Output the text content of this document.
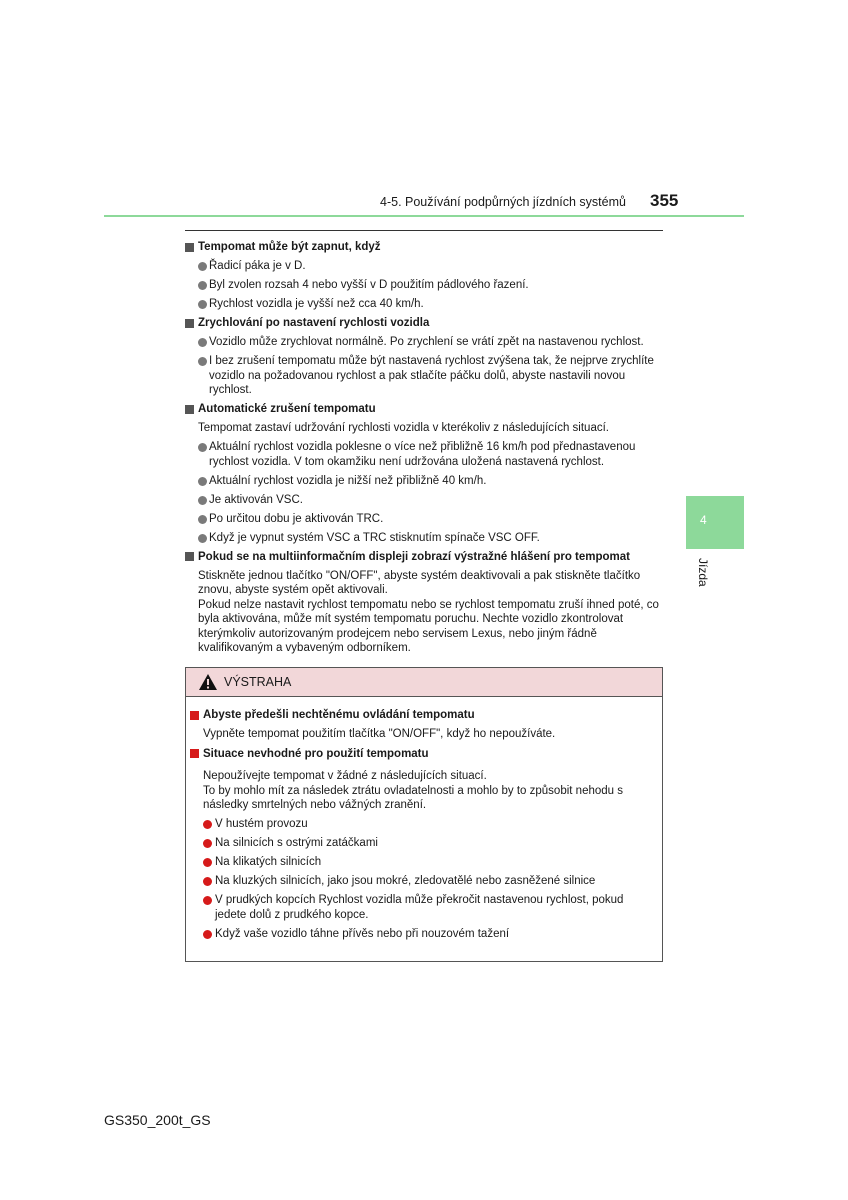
4-5. Používání podpůrných jízdních systémů 355
4
Jízda
Tempomat může být zapnut, když
Řadicí páka je v D.
Byl zvolen rozsah 4 nebo vyšší v D použitím pádlového řazení.
Rychlost vozidla je vyšší než cca 40 km/h.
Zrychlování po nastavení rychlosti vozidla
Vozidlo může zrychlovat normálně. Po zrychlení se vrátí zpět na nastavenou rychlost.
I bez zrušení tempomatu může být nastavená rychlost zvýšena tak, že nejprve zrychlíte vozidlo na požadovanou rychlost a pak stlačíte páčku dolů, abyste nastavili novou rychlost.
Automatické zrušení tempomatu
Tempomat zastaví udržování rychlosti vozidla v kterékoliv z následujících situací.
Aktuální rychlost vozidla poklesne o více než přibližně 16 km/h pod přednastavenou rychlost vozidla. V tom okamžiku není udržována uložená nastavená rychlost.
Aktuální rychlost vozidla je nižší než přibližně 40 km/h.
Je aktivován VSC.
Po určitou dobu je aktivován TRC.
Když je vypnut systém VSC a TRC stisknutím spínače VSC OFF.
Pokud se na multiinformačním displeji zobrazí výstražné hlášení pro tempomat
Stiskněte jednou tlačítko "ON/OFF", abyste systém deaktivovali a pak stiskněte tlačítko znovu, abyste systém opět aktivovali.
Pokud nelze nastavit rychlost tempomatu nebo se rychlost tempomatu zruší ihned poté, co byla aktivována, může mít systém tempomatu poruchu. Nechte vozidlo zkontrolovat kterýmkoliv autorizovaným prodejcem nebo servisem Lexus, nebo jiným řádně kvalifikovaným a vybaveným odborníkem.
VÝSTRAHA
Abyste předešli nechtěnému ovládání tempomatu
Vypněte tempomat použitím tlačítka "ON/OFF", když ho nepoužíváte.
Situace nevhodné pro použití tempomatu
Nepoužívejte tempomat v žádné z následujících situací.
To by mohlo mít za následek ztrátu ovladatelnosti a mohlo by to způsobit nehodu s následky smrtelných nebo vážných zranění.
V hustém provozu
Na silnicích s ostrými zatáčkami
Na klikatých silnicích
Na kluzkých silnicích, jako jsou mokré, zledovatělé nebo zasněžené silnice
V prudkých kopcích Rychlost vozidla může překročit nastavenou rychlost, pokud jedete dolů z prudkého kopce.
Když vaše vozidlo táhne přívěs nebo při nouzovém tažení
GS350_200t_GS
